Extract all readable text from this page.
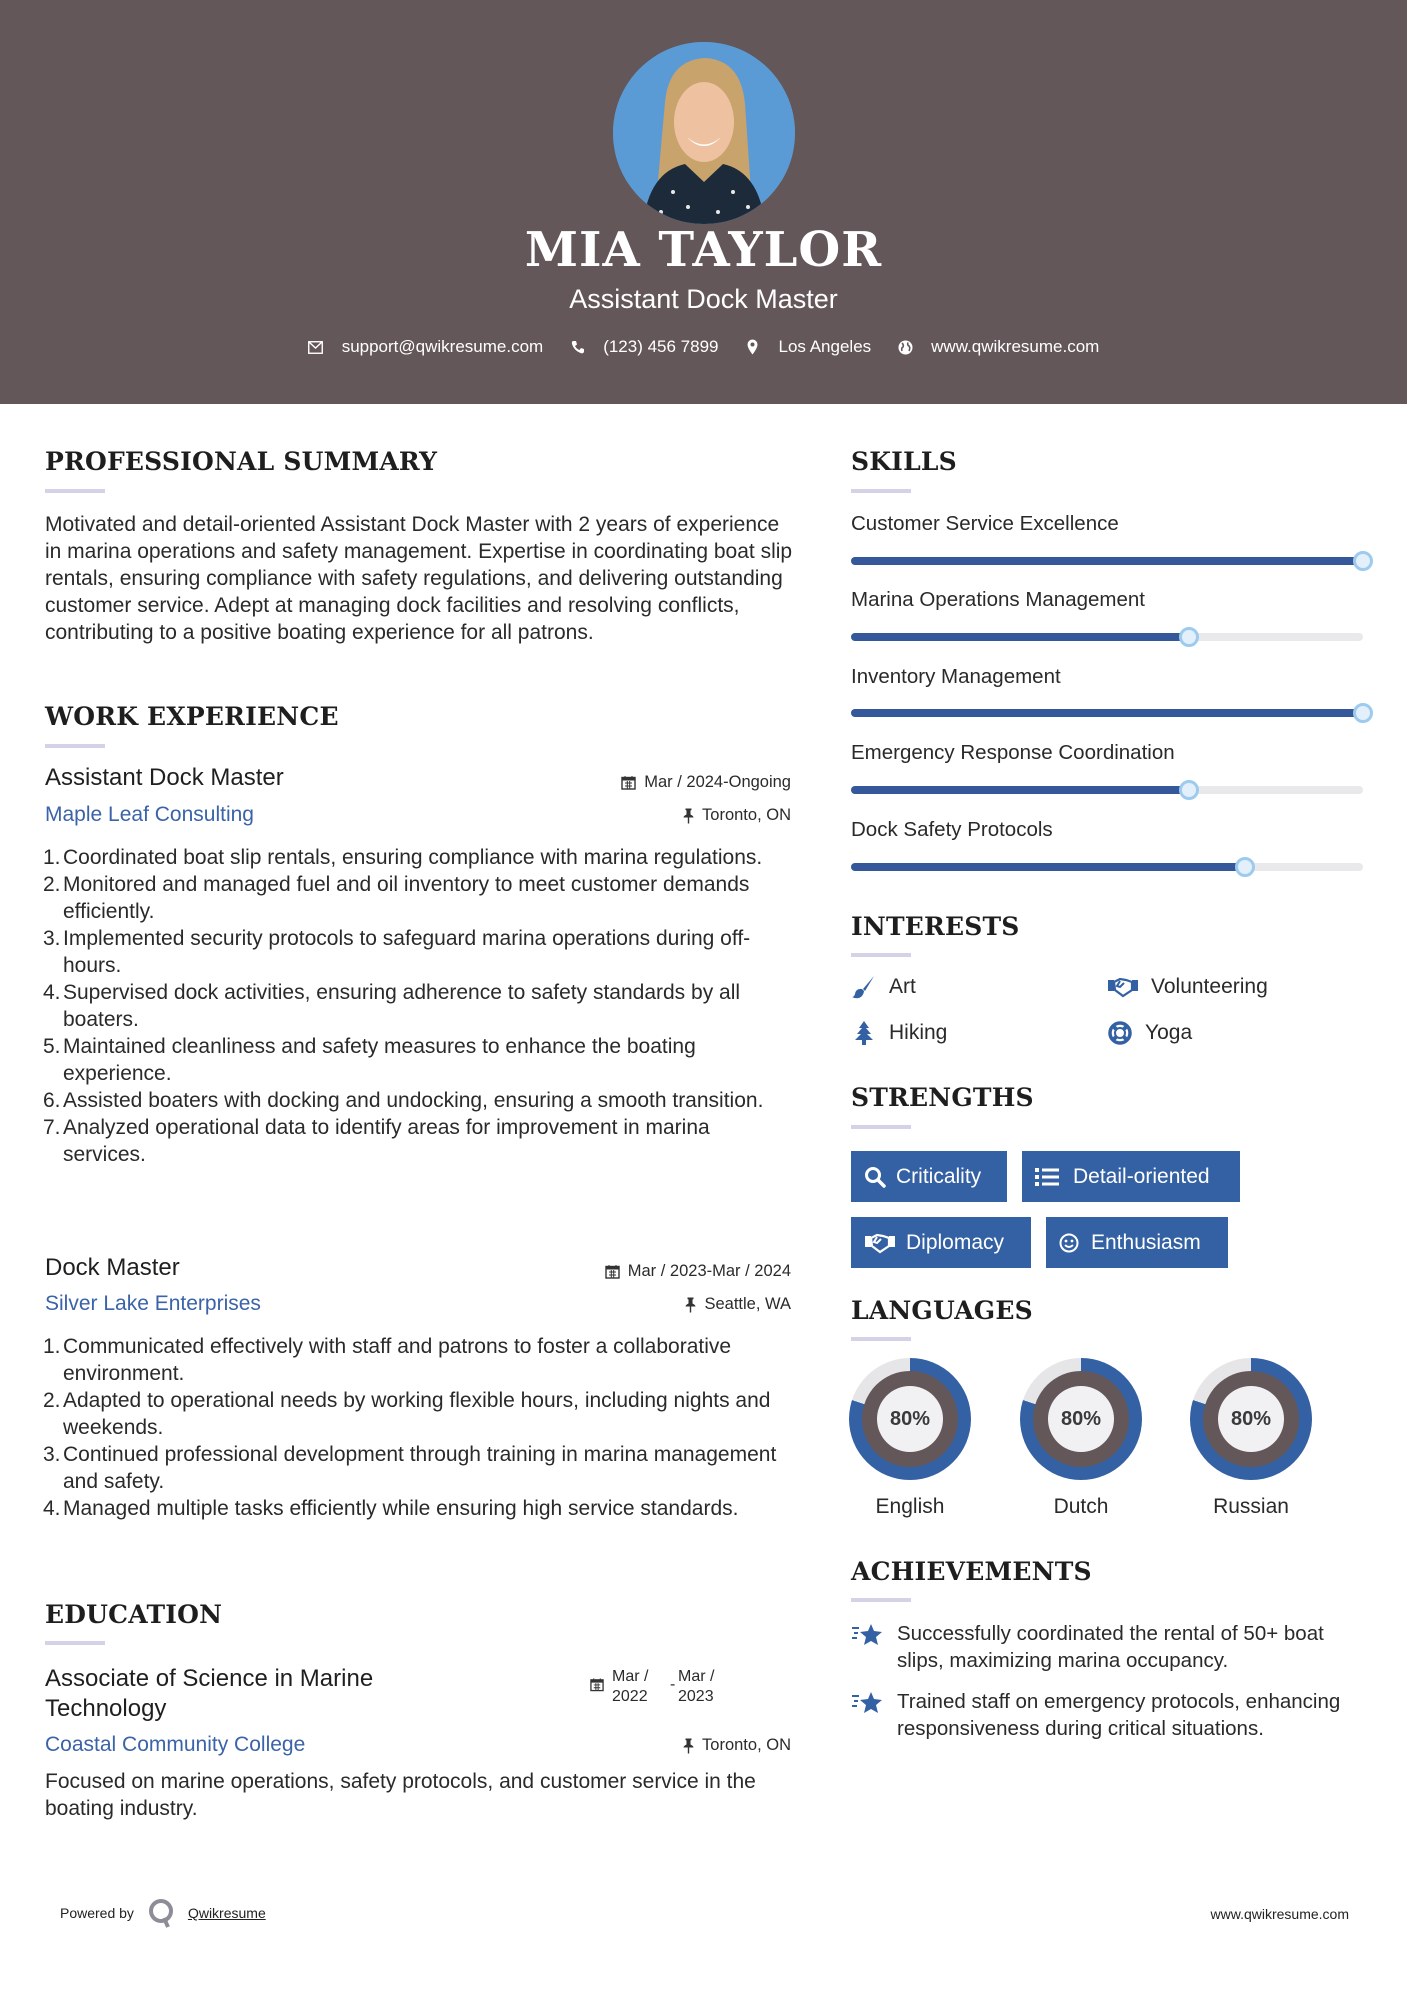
MIA TAYLOR
Assistant Dock Master
support@qwikresume.com	(123) 456 7899	Los Angeles	www.qwikresume.com
PROFESSIONAL SUMMARY
Motivated and detail-oriented Assistant Dock Master with 2 years of experience in marina operations and safety management. Expertise in coordinating boat slip rentals, ensuring compliance with safety regulations, and delivering outstanding customer service. Adept at managing dock facilities and resolving conflicts, contributing to a positive boating experience for all patrons.
WORK EXPERIENCE
Assistant Dock Master	Mar / 2024-Ongoing
Maple Leaf Consulting	Toronto, ON
1. Coordinated boat slip rentals, ensuring compliance with marina regulations.
2. Monitored and managed fuel and oil inventory to meet customer demands efficiently.
3. Implemented security protocols to safeguard marina operations during off-hours.
4. Supervised dock activities, ensuring adherence to safety standards by all boaters.
5. Maintained cleanliness and safety measures to enhance the boating experience.
6. Assisted boaters with docking and undocking, ensuring a smooth transition.
7. Analyzed operational data to identify areas for improvement in marina services.
Dock Master	Mar / 2023-Mar / 2024
Silver Lake Enterprises	Seattle, WA
1. Communicated effectively with staff and patrons to foster a collaborative environment.
2. Adapted to operational needs by working flexible hours, including nights and weekends.
3. Continued professional development through training in marina management and safety.
4. Managed multiple tasks efficiently while ensuring high service standards.
EDUCATION
Associate of Science in Marine
Technology
Mar /
2022
- Mar /
2023
Coastal Community College	Toronto, ON
Focused on marine operations, safety protocols, and customer service in the boating industry.
SKILLS
Customer Service Excellence
Marina Operations Management
Inventory Management
Emergency Response Coordination
Dock Safety Protocols
INTERESTS
Art	Volunteering
Hiking	Yoga
STRENGTHS
Criticality	Detail-oriented
Diplomacy	Enthusiasm
LANGUAGES
80%
English
80%
Dutch
80%
Russian
ACHIEVEMENTS
Successfully coordinated the rental of 50+ boat slips, maximizing marina occupancy.
Trained staff on emergency protocols, enhancing responsiveness during critical situations.
Powered by	Qwikresume	www.qwikresume.com
